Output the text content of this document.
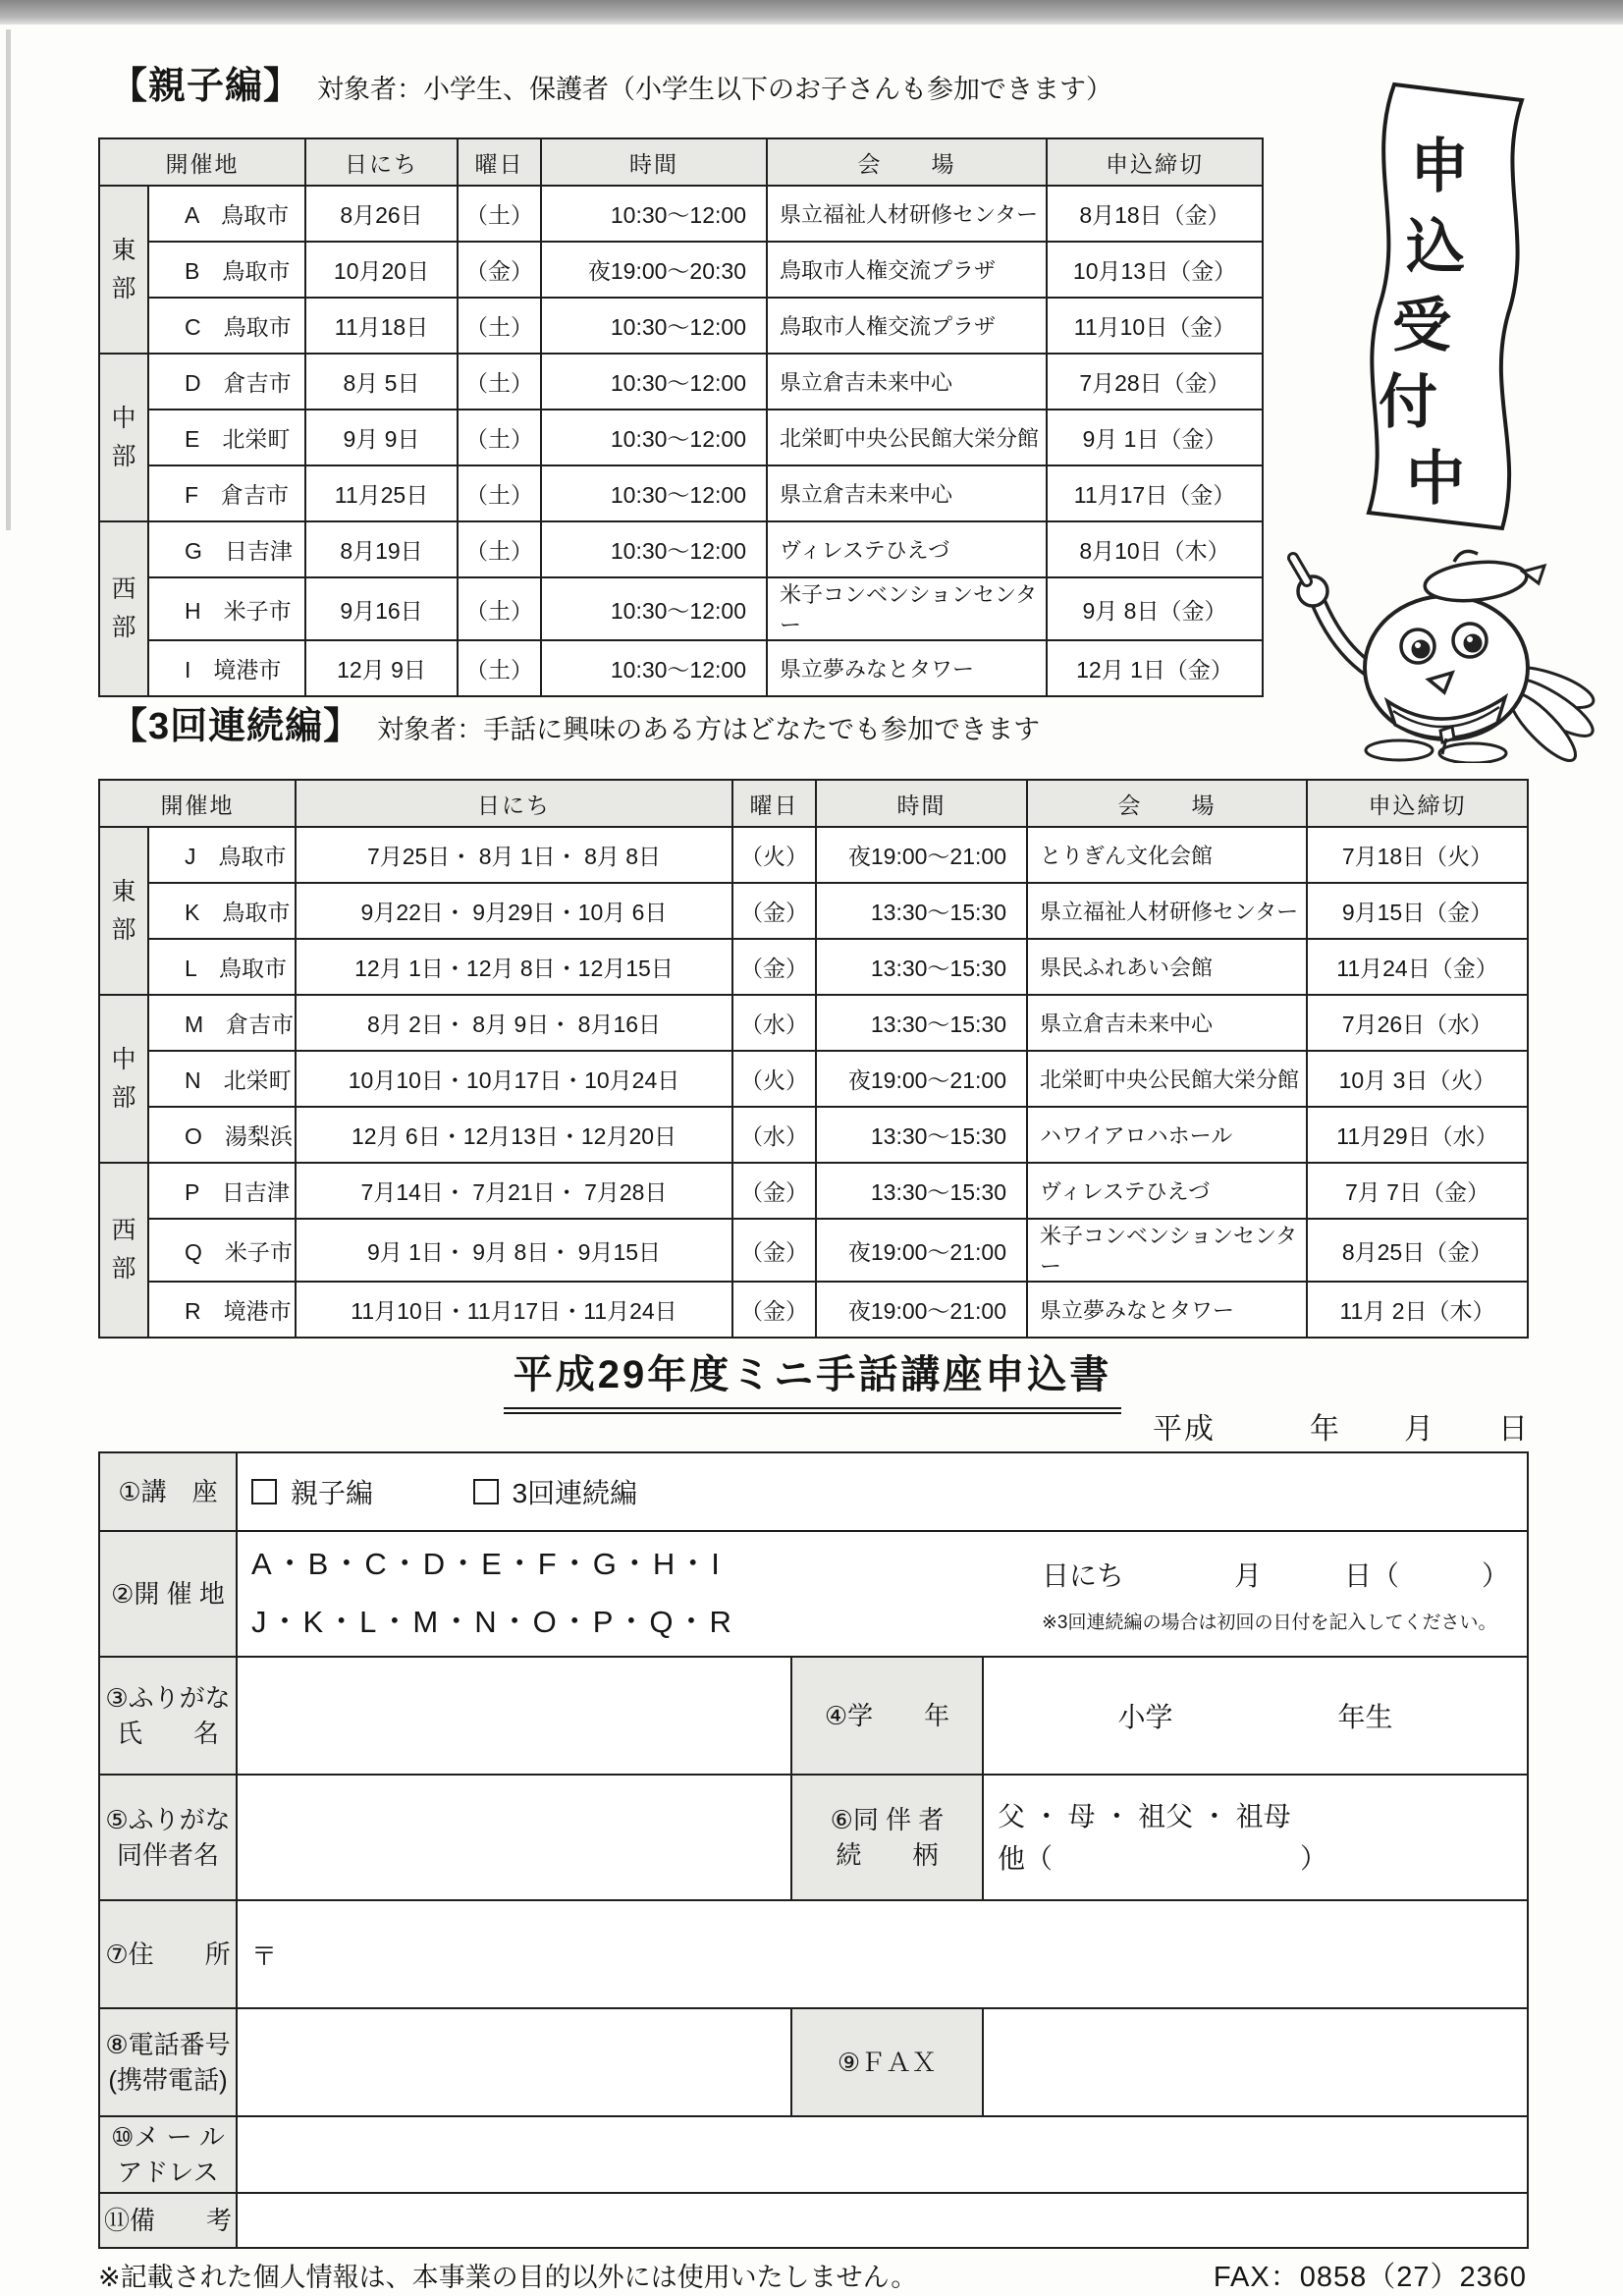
【親子編】 対象者：小学生、保護者（小学生以下のお子さんも参加できます）
開催地		日にち	曜日	時間	会　　場	申込締切

東
部	A　鳥取市	8月26日	（土）	10:30～12:00	県立福祉人材研修センター	8月18日（金）
	B　鳥取市	10月20日	（金）	夜19:00～20:30	鳥取市人権交流プラザ	10月13日（金）
	C　鳥取市	11月18日	（土）	10:30～12:00	鳥取市人権交流プラザ	11月10日（金）

中
部	D　倉吉市	8月 5日	（土）	10:30～12:00	県立倉吉未来中心	7月28日（金）
	E　北栄町	9月 9日	（土）	10:30～12:00	北栄町中央公民館大栄分館	9月 1日（金）
	F　倉吉市	11月25日	（土）	10:30～12:00	県立倉吉未来中心	11月17日（金）

西
部	G　日吉津	8月19日	（土）	10:30～12:00	ヴィレステひえづ	8月10日（木）
	H　米子市	9月16日	（土）	10:30～12:00	米子コンベンションセンター	9月 8日（金）
	I　境港市	12月 9日	（土）	10:30～12:00	県立夢みなとタワー	12月 1日（金）
【3回連続編】 対象者：手話に興味のある方はどなたでも参加できます
開催地		日にち	曜日	時間	会　　場	申込締切

東
部	J　鳥取市	7月25日・ 8月 1日・ 8月 8日	（火）	夜19:00～21:00	とりぎん文化会館	7月18日（火）
	K　鳥取市	9月22日・ 9月29日・10月 6日	（金）	13:30～15:30	県立福祉人材研修センター	9月15日（金）
	L　鳥取市	12月 1日・12月 8日・12月15日	（金）	13:30～15:30	県民ふれあい会館	11月24日（金）

中
部	M　倉吉市	8月 2日・ 8月 9日・ 8月16日	（水）	13:30～15:30	県立倉吉未来中心	7月26日（水）
	N　北栄町	10月10日・10月17日・10月24日	（火）	夜19:00～21:00	北栄町中央公民館大栄分館	10月 3日（火）
	O　湯梨浜	12月 6日・12月13日・12月20日	（水）	13:30～15:30	ハワイアロハホール	11月29日（水）

西
部	P　日吉津	7月14日・ 7月21日・ 7月28日	（金）	13:30～15:30	ヴィレステひえづ	7月 7日（金）
	Q　米子市	9月 1日・ 9月 8日・ 9月15日	（金）	夜19:00～21:00	米子コンベンションセンター	8月25日（金）
	R　境港市	11月10日・11月17日・11月24日	（金）	夜19:00～21:00	県立夢みなとタワー	11月 2日（木）
申
込
受
付
中
平成29年度ミニ手話講座申込書
平成　　　年　　月　　日
①講　座	親子編 3回連続編		
②開 催 地	A・B・C・D・E・F・G・H・I
J・K・L・M・N・O・P・Q・R
日にち　　　　月　　　日（　　　）
※3回連続編の場合は初回の日付を記入してください。		

③ふりがな
氏　　名		④学　　年	小学　　　　　　年生

⑤ふりがな
同伴者名

⑥同 伴 者
続　　柄

父 ・ 母 ・ 祖父 ・ 祖母
他（　　　　　　　　　）

⑦住　　所	〒		

⑧電話番号
(携帯電話)		⑨ＦＡＸ	

⑩メ ー ル
アドレス			

⑪備　　考			
※記載された個人情報は、本事業の目的以外には使用いたしません。	FAX：0858（27）2360
